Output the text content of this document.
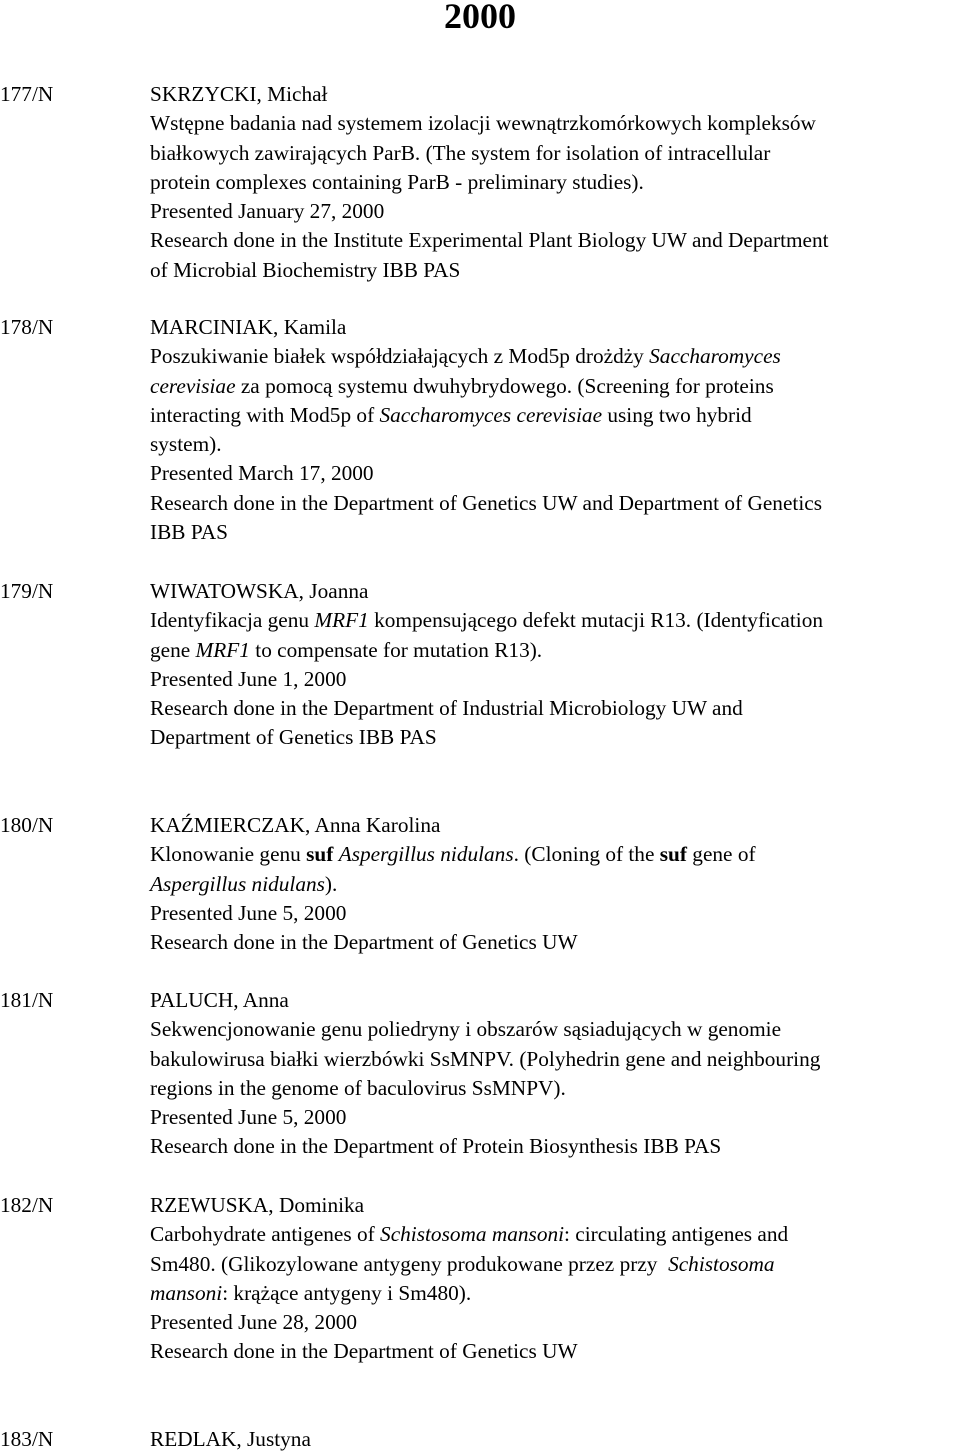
2000
177/N	SKRZYCKI, Michał
Wstępne badania nad systemem izolacji wewnątrzkomórkowych kompleksów
białkowych zawirających ParB. (The system for isolation of intracellular
protein complexes containing ParB - preliminary studies).
Presented January 27, 2000
Research done in the Institute Experimental Plant Biology UW and Department
of Microbial Biochemistry IBB PAS
178/N	MARCINIAK, Kamila
Poszukiwanie białek współdziałających z Mod5p drożdży Saccharomyces
cerevisiae za pomocą systemu dwuhybrydowego. (Screening for proteins
interacting with Mod5p of Saccharomyces cerevisiae using two hybrid
system).
Presented March 17, 2000
Research done in the Department of Genetics UW and Department of Genetics
IBB PAS
179/N	WIWATOWSKA, Joanna
Identyfikacja genu MRF1 kompensującego defekt mutacji R13. (Identyfication
gene MRF1 to compensate for mutation R13).
Presented June 1, 2000
Research done in the Department of Industrial Microbiology UW and
Department of Genetics IBB PAS
180/N	KAŹMIERCZAK, Anna Karolina
Klonowanie genu suf Aspergillus nidulans. (Cloning of the suf gene of
Aspergillus nidulans).
Presented June 5, 2000
Research done in the Department of Genetics UW
181/N	PALUCH, Anna
Sekwencjonowanie genu poliedryny i obszarów sąsiadujących w genomie
bakulowirusa białki wierzbówki SsMNPV. (Polyhedrin gene and neighbouring
regions in the genome of baculovirus SsMNPV).
Presented June 5, 2000
Research done in the Department of Protein Biosynthesis IBB PAS
182/N	RZEWUSKA, Dominika
Carbohydrate antigenes of Schistosoma mansoni: circulating antigenes and
Sm480. (Glikozylowane antygeny produkowane przez przy  Schistosoma
mansoni: krążące antygeny i Sm480).
Presented June 28, 2000
Research done in the Department of Genetics UW
183/N	REDLAK, Justyna
